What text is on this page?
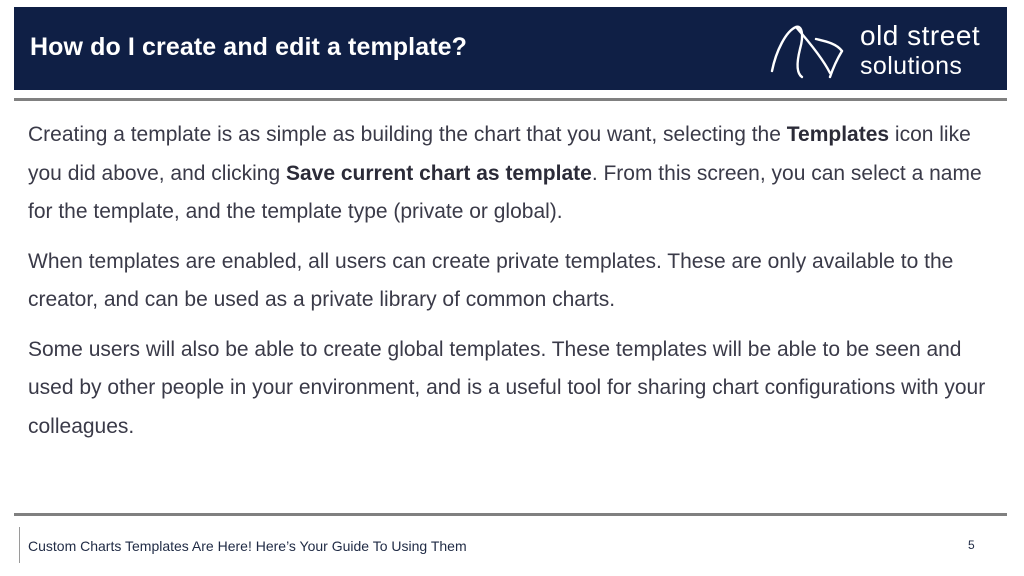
How do I create and edit a template?	old street
solutions

Creating a template is as simple as building the chart that you want, selecting the Templates icon like you did above, and clicking Save current chart as template. From this screen, you can select a name for the template, and the template type (private or global).

When templates are enabled, all users can create private templates. These are only available to the creator, and can be used as a private library of common charts.

Some users will also be able to create global templates. These templates will be able to be seen and used by other people in your environment, and is a useful tool for sharing chart configurations with your colleagues.

Custom Charts Templates Are Here! Here’s Your Guide To Using Them	5
